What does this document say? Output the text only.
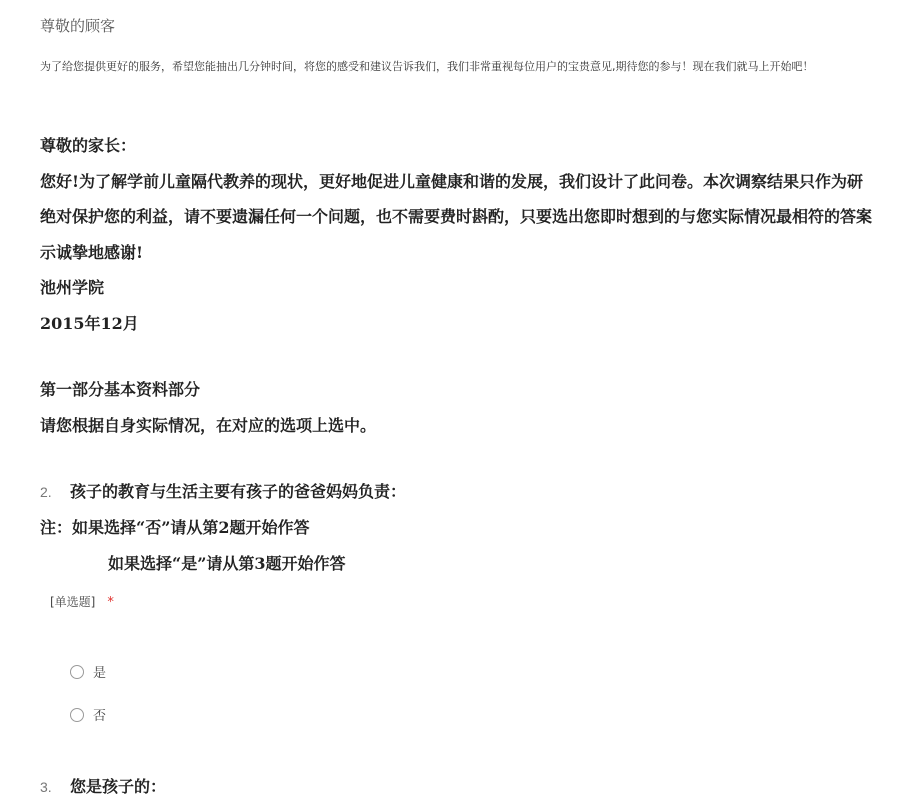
尊敬的顾客
为了给您提供更好的服务，希望您能抽出几分钟时间，将您的感受和建议告诉我们，我们非常重视每位用户的宝贵意见,期待您的参与！现在我们就马上开始吧！
尊敬的家长：
您好!为了解学前儿童隔代教养的现状，更好地促进儿童健康和谐的发展，我们设计了此问卷。本次调察结果只作为研
绝对保护您的利益，请不要遗漏任何一个问题，也不需要费时斟酌，只要选出您即时想到的与您实际情况最相符的答案
示诚挚地感谢!
池州学院
2015年12月
第一部分基本资料部分
请您根据自身实际情况，在对应的选项上选中。
2. 孩子的教育与生活主要有孩子的爸爸妈妈负责：
注：如果选择“否”请从第2题开始作答
如果选择“是”请从第3题开始作答
[单选题] *
是
否
3. 您是孩子的：
